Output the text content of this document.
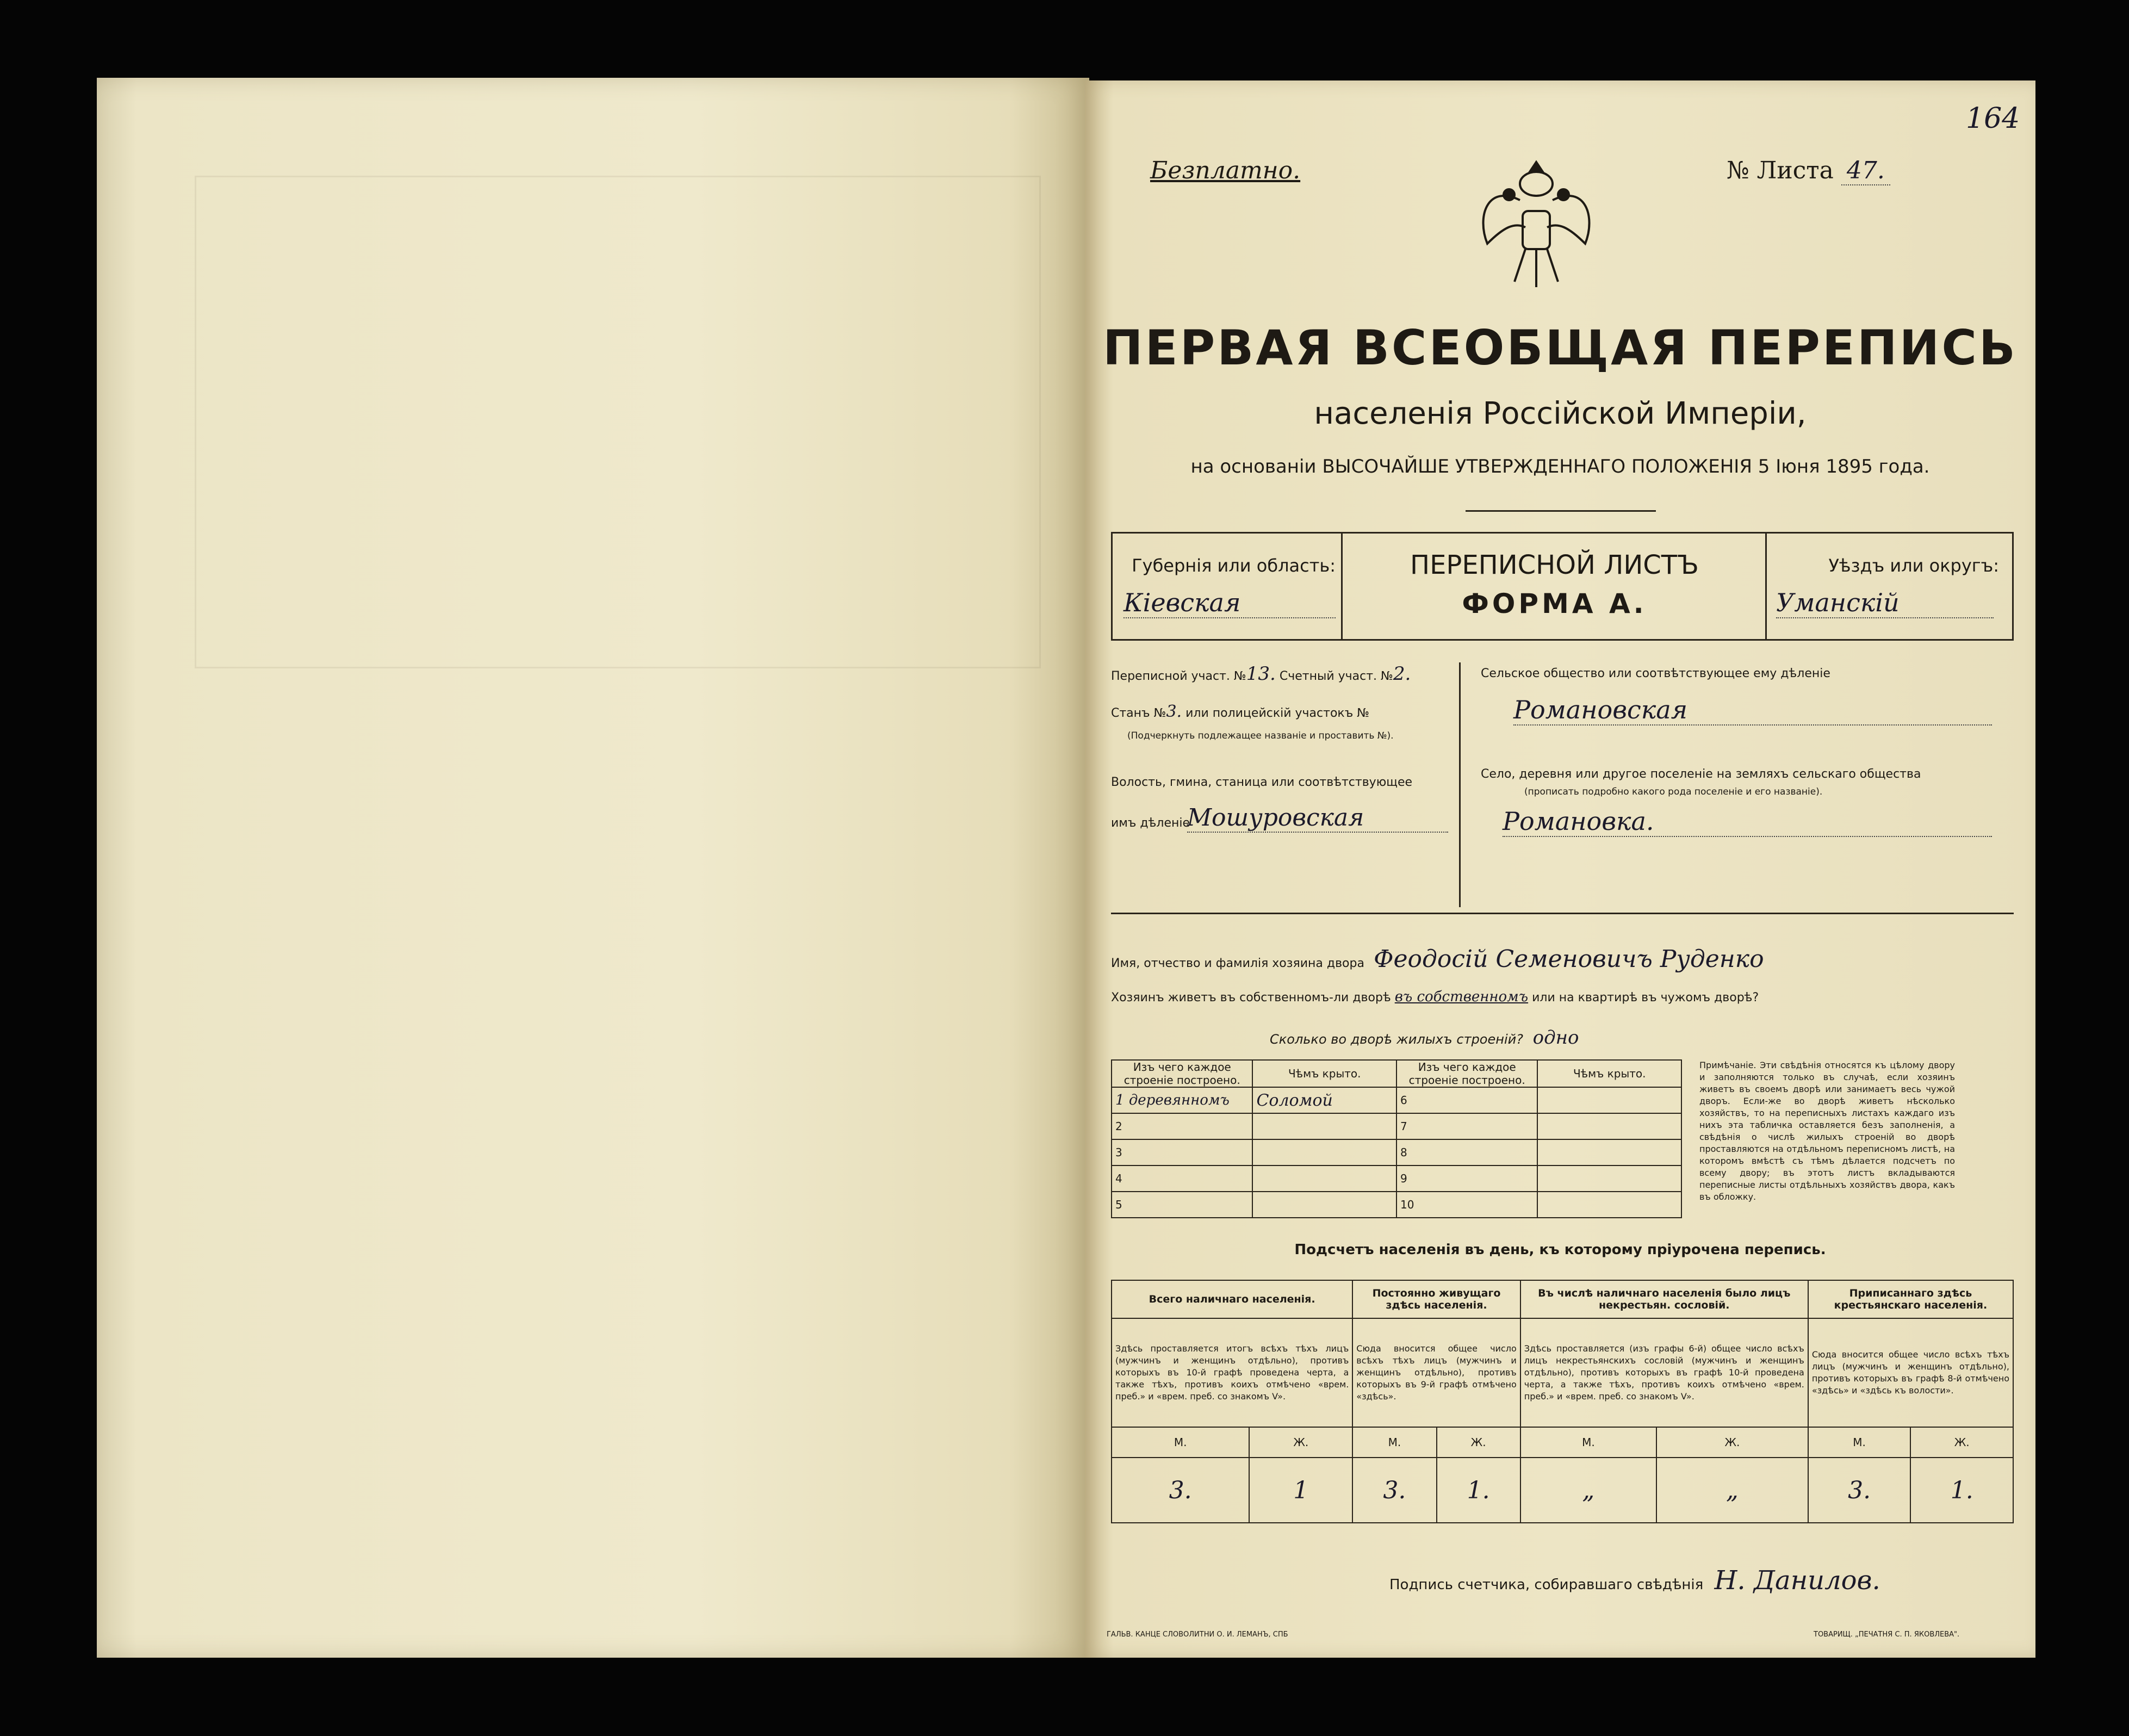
164
Безплатно.	№ Листа 47.
ПЕРВАЯ ВСЕОБЩАЯ ПЕРЕПИСЬ
населенія Россійской Имперіи,
на основаніи ВЫСОЧАЙШЕ УТВЕРЖДЕННАГО ПОЛОЖЕНІЯ 5 Іюня 1895 года.
Губернія или область:
Кіевская
ПЕРЕПИСНОЙ ЛИСТЪ
ФОРМА А.
Уѣздъ или округъ:
Уманскій
Переписной участ. №13. Счетный участ. №2.
Станъ №3. или полицейскій участокъ №
(Подчеркнуть подлежащее названіе и проставить №).
Волость, гмина, станица или соотвѣтствующее
имъ дѣленіе
Мошуровская
Сельское общество или соотвѣтствующее ему дѣленіе
Романовская
Село, деревня или другое поселеніе на земляхъ сельскаго общества
(прописать подробно какого рода поселеніе и его названіе).
Романовка.
Имя, отчество и фамилія хозяина двора Феодосій Семеновичъ Руденко
Хозяинъ живетъ въ собственномъ-ли дворѣ въ собственномъ или на квартирѣ въ чужомъ дворѣ?
Сколько во дворѣ жилыхъ строеній? одно
Изъ чего каждое строеніе построено.	Чѣмъ крыто.	Изъ чего каждое строеніе построено.	Чѣмъ крыто.
1 деревянномъ	Соломой	6	
2		7	
3		8	
4		9	
5		10	
Примѣчаніе. Эти свѣдѣнія относятся къ цѣлому двору и заполняются только въ случаѣ, если хозяинъ живетъ въ своемъ дворѣ или занимаетъ весь чужой дворъ. Если-же во дворѣ живетъ нѣсколько хозяйствъ, то на переписныхъ листахъ каждаго изъ нихъ эта табличка оставляется безъ заполненія, а свѣдѣнія о числѣ жилыхъ строеній во дворѣ проставляются на отдѣльномъ переписномъ листѣ, на которомъ вмѣстѣ съ тѣмъ дѣлается подсчетъ по всему двору; въ этотъ листъ вкладываются переписные листы отдѣльныхъ хозяйствъ двора, какъ въ обложку.
Подсчетъ населенія въ день, къ которому пріурочена перепись.
Всего наличнаго населенія.		Постоянно живущаго здѣсь населенія.		Въ числѣ наличнаго населенія было лицъ некрестьян. сословій.		Приписаннаго здѣсь крестьянскаго населенія.	
Здѣсь проставляется итогъ всѣхъ тѣхъ лицъ (мужчинъ и женщинъ отдѣльно), противъ которыхъ въ 10-й графѣ проведена черта, а также тѣхъ, противъ коихъ отмѣчено «врем. преб.» и «врем. преб. со знакомъ V».		Сюда вносится общее число всѣхъ тѣхъ лицъ (мужчинъ и женщинъ отдѣльно), противъ которыхъ въ 9-й графѣ отмѣчено «здѣсь».		Здѣсь проставляется (изъ графы 6-й) общее число всѣхъ лицъ некрестьянскихъ сословій (мужчинъ и женщинъ отдѣльно), противъ которыхъ въ графѣ 10-й проведена черта, а также тѣхъ, противъ коихъ отмѣчено «врем. преб.» и «врем. преб. со знакомъ V».		Сюда вносится общее число всѣхъ тѣхъ лицъ (мужчинъ и женщинъ отдѣльно), противъ которыхъ въ графѣ 8-й отмѣчено «здѣсь» и «здѣсь къ волости».	
М.	Ж.	М.	Ж.	М.	Ж.	М.	Ж.
3.	1	3.	1.	„	„	3.	1.
Подпись счетчика, собиравшаго свѣдѣнія Н. Данилов.
ГАЛЬВ. КАНЦЕ СЛОВОЛИТНИ О. И. ЛЕМАНЪ, СПБ	ТОВАРИЩ. „ПЕЧАТНЯ С. П. ЯКОВЛЕВА".
